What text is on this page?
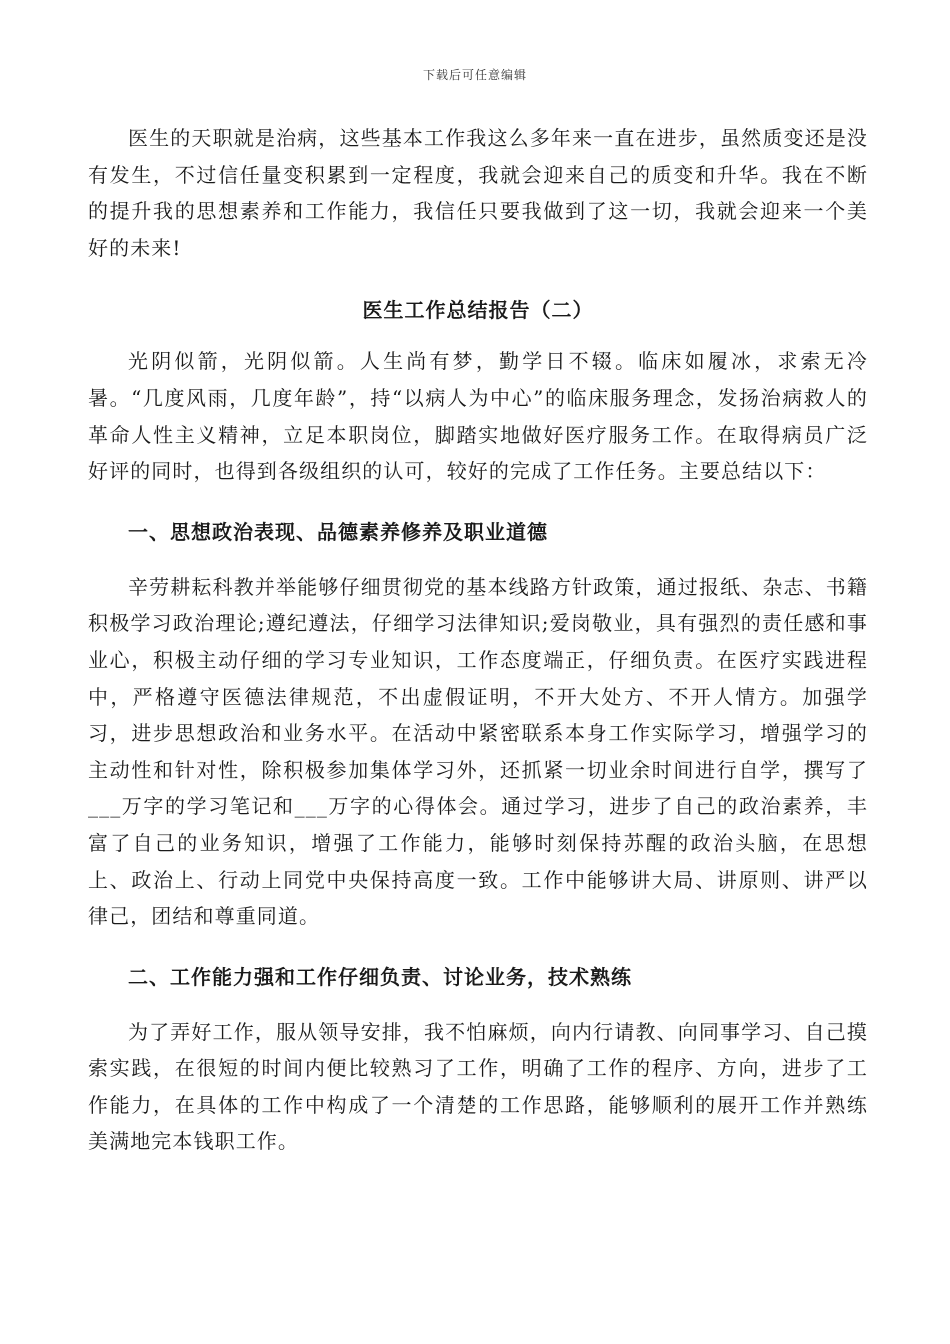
下载后可任意编辑

医生的天职就是治病，这些基本工作我这么多年来一直在进步，虽然质变还是没有发生，不过信任量变积累到一定程度，我就会迎来自己的质变和升华。我在不断的提升我的思想素养和工作能力，我信任只要我做到了这一切，我就会迎来一个美好的未来!

医生工作总结报告（二）

光阴似箭，光阴似箭。人生尚有梦，勤学日不辍。临床如履冰，求索无冷暑。“几度风雨，几度年龄”，持“以病人为中心”的临床服务理念，发扬治病救人的革命人性主义精神，立足本职岗位，脚踏实地做好医疗服务工作。在取得病员广泛好评的同时，也得到各级组织的认可，较好的完成了工作任务。主要总结以下：

一、思想政治表现、品德素养修养及职业道德

辛劳耕耘科教并举能够仔细贯彻党的基本线路方针政策，通过报纸、杂志、书籍积极学习政治理论;遵纪遵法，仔细学习法律知识;爱岗敬业，具有强烈的责任感和事业心，积极主动仔细的学习专业知识，工作态度端正，仔细负责。在医疗实践进程中，严格遵守医德法律规范，不出虚假证明，不开大处方、不开人情方。加强学习，进步思想政治和业务水平。在活动中紧密联系本身工作实际学习，增强学习的主动性和针对性，除积极参加集体学习外，还抓紧一切业余时间进行自学，撰写了___万字的学习笔记和___万字的心得体会。通过学习，进步了自己的政治素养，丰富了自己的业务知识，增强了工作能力，能够时刻保持苏醒的政治头脑，在思想上、政治上、行动上同党中央保持高度一致。工作中能够讲大局、讲原则、讲严以律己，团结和尊重同道。

二、工作能力强和工作仔细负责、讨论业务，技术熟练

为了弄好工作，服从领导安排，我不怕麻烦，向内行请教、向同事学习、自己摸索实践，在很短的时间内便比较熟习了工作，明确了工作的程序、方向，进步了工作能力，在具体的工作中构成了一个清楚的工作思路，能够顺利的展开工作并熟练美满地完本钱职工作。
